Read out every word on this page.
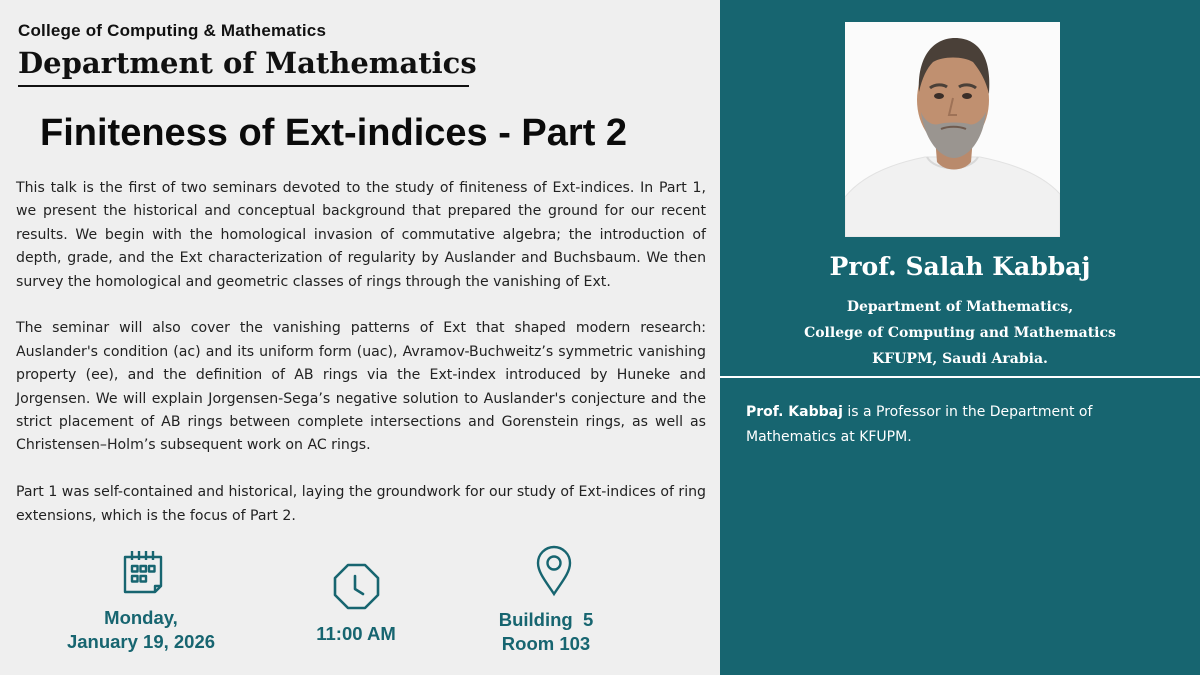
College of Computing & Mathematics
Department of Mathematics
Finiteness of Ext-indices - Part 2

This talk is the first of two seminars devoted to the study of finiteness of Ext-indices. In Part 1, we present the historical and conceptual background that prepared the ground for our recent results. We begin with the homological invasion of commutative algebra; the introduction of depth, grade, and the Ext characterization of regularity by Auslander and Buchsbaum. We then survey the homological and geometric classes of rings through the vanishing of Ext.

The seminar will also cover the vanishing patterns of Ext that shaped modern research: Auslander's condition (ac) and its uniform form (uac), Avramov-Buchweitz’s symmetric vanishing property (ee), and the definition of AB rings via the Ext-index introduced by Huneke and Jorgensen. We will explain Jorgensen-Sega’s negative solution to Auslander's conjecture and the strict placement of AB rings between complete intersections and Gorenstein rings, as well as Christensen–Holm’s subsequent work on AC rings.

Part 1 was self-contained and historical, laying the groundwork for our study of Ext-indices of ring extensions, which is the focus of Part 2.

Monday,
January 19, 2026	11:00 AM
Building  5
Room 103
Prof. Salah Kabbaj
Department of Mathematics,
College of Computing and Mathematics
KFUPM, Saudi Arabia.
Prof. Kabbaj is a Professor in the Department of Mathematics at KFUPM.
